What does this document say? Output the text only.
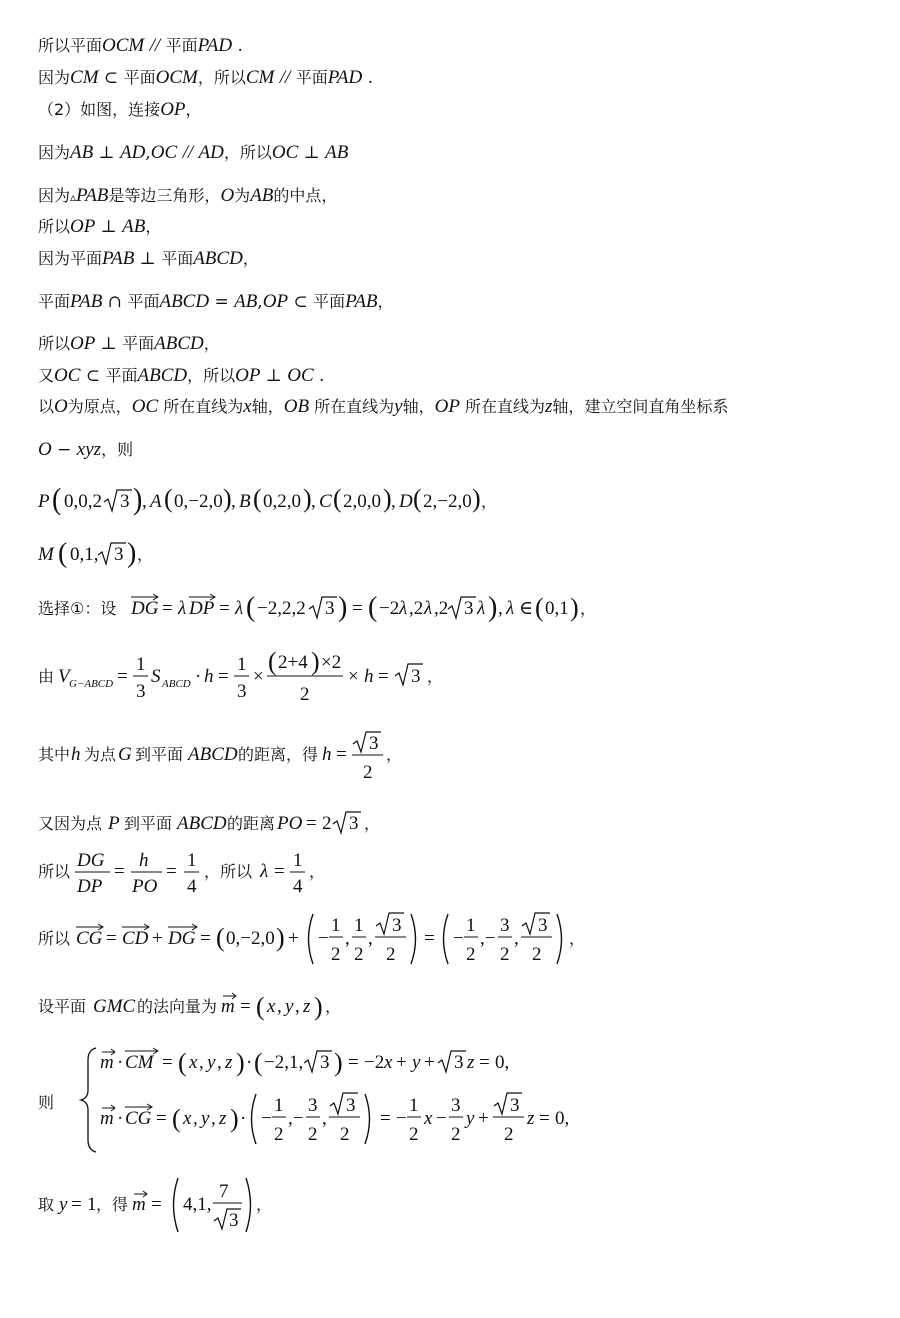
所以平面OCM // 平面PAD .
因为CM ⊂ 平面OCM，所以CM // 平面PAD .
（2）如图，连接OP，
因为AB ⊥ AD,OC // AD，所以OC ⊥ AB
因为▵PAB是等边三角形，O为AB的中点，
所以OP ⊥ AB，
因为平面PAB ⊥ 平面ABCD，
平面PAB ∩ 平面ABCD = AB,OP ⊂ 平面PAB，
所以OP ⊥ 平面ABCD，
又OC ⊂ 平面ABCD，所以OP ⊥ OC .
以O为原点，OC 所在直线为x轴，OB 所在直线为y轴，OP 所在直线为z轴，建立空间直角坐标系
O − xyz，则
P ( 0,0,2 3 ) , A ( 0,−2,0 ) , B ( 0,2,0 ) , C ( 2,0,0 ) , D ( 2,−2,0 ) ，
M ( 0,1, 3 ) ，
选择①：设 DG = λ DP = λ ( −2,2,2 3 ) = ( −2 λ ,2 λ ,2 3 λ ) , λ ∈ ( 0,1 ) ，
由 V G−ABCD =
1
3
S ABCD · h =
1
3
×
( 2+4 ) ×2
2
× h = 3 ，
其中 h 为点 G 到平面 ABCD 的距离，得 h =
3
2
，
又因为点 P 到平面 ABCD 的距离 PO = 2 3 ，
所以
DG
DP
=
h
PO
=
1
4
，所以 λ =
1
4
，
所以 CG = CD + DG = ( 0,−2,0 ) + −
1
2
,
1
2
,
3
2
= −
1
2
,−
3
2
,
3
2
，
设平面 GMC 的法向量为 m = ( x , y , z ) ，
则
m · CM = ( x , y , z ) · ( −2,1, 3 ) = −2 x + y + 3 z = 0,
m · CG = ( x , y , z ) · −
1
2
,−
3
2
,
3
2
= −
1
2
x −
3
2
y +
3
2
z = 0,
取 y = 1 ，得 m = 4,1,
7
3
，
